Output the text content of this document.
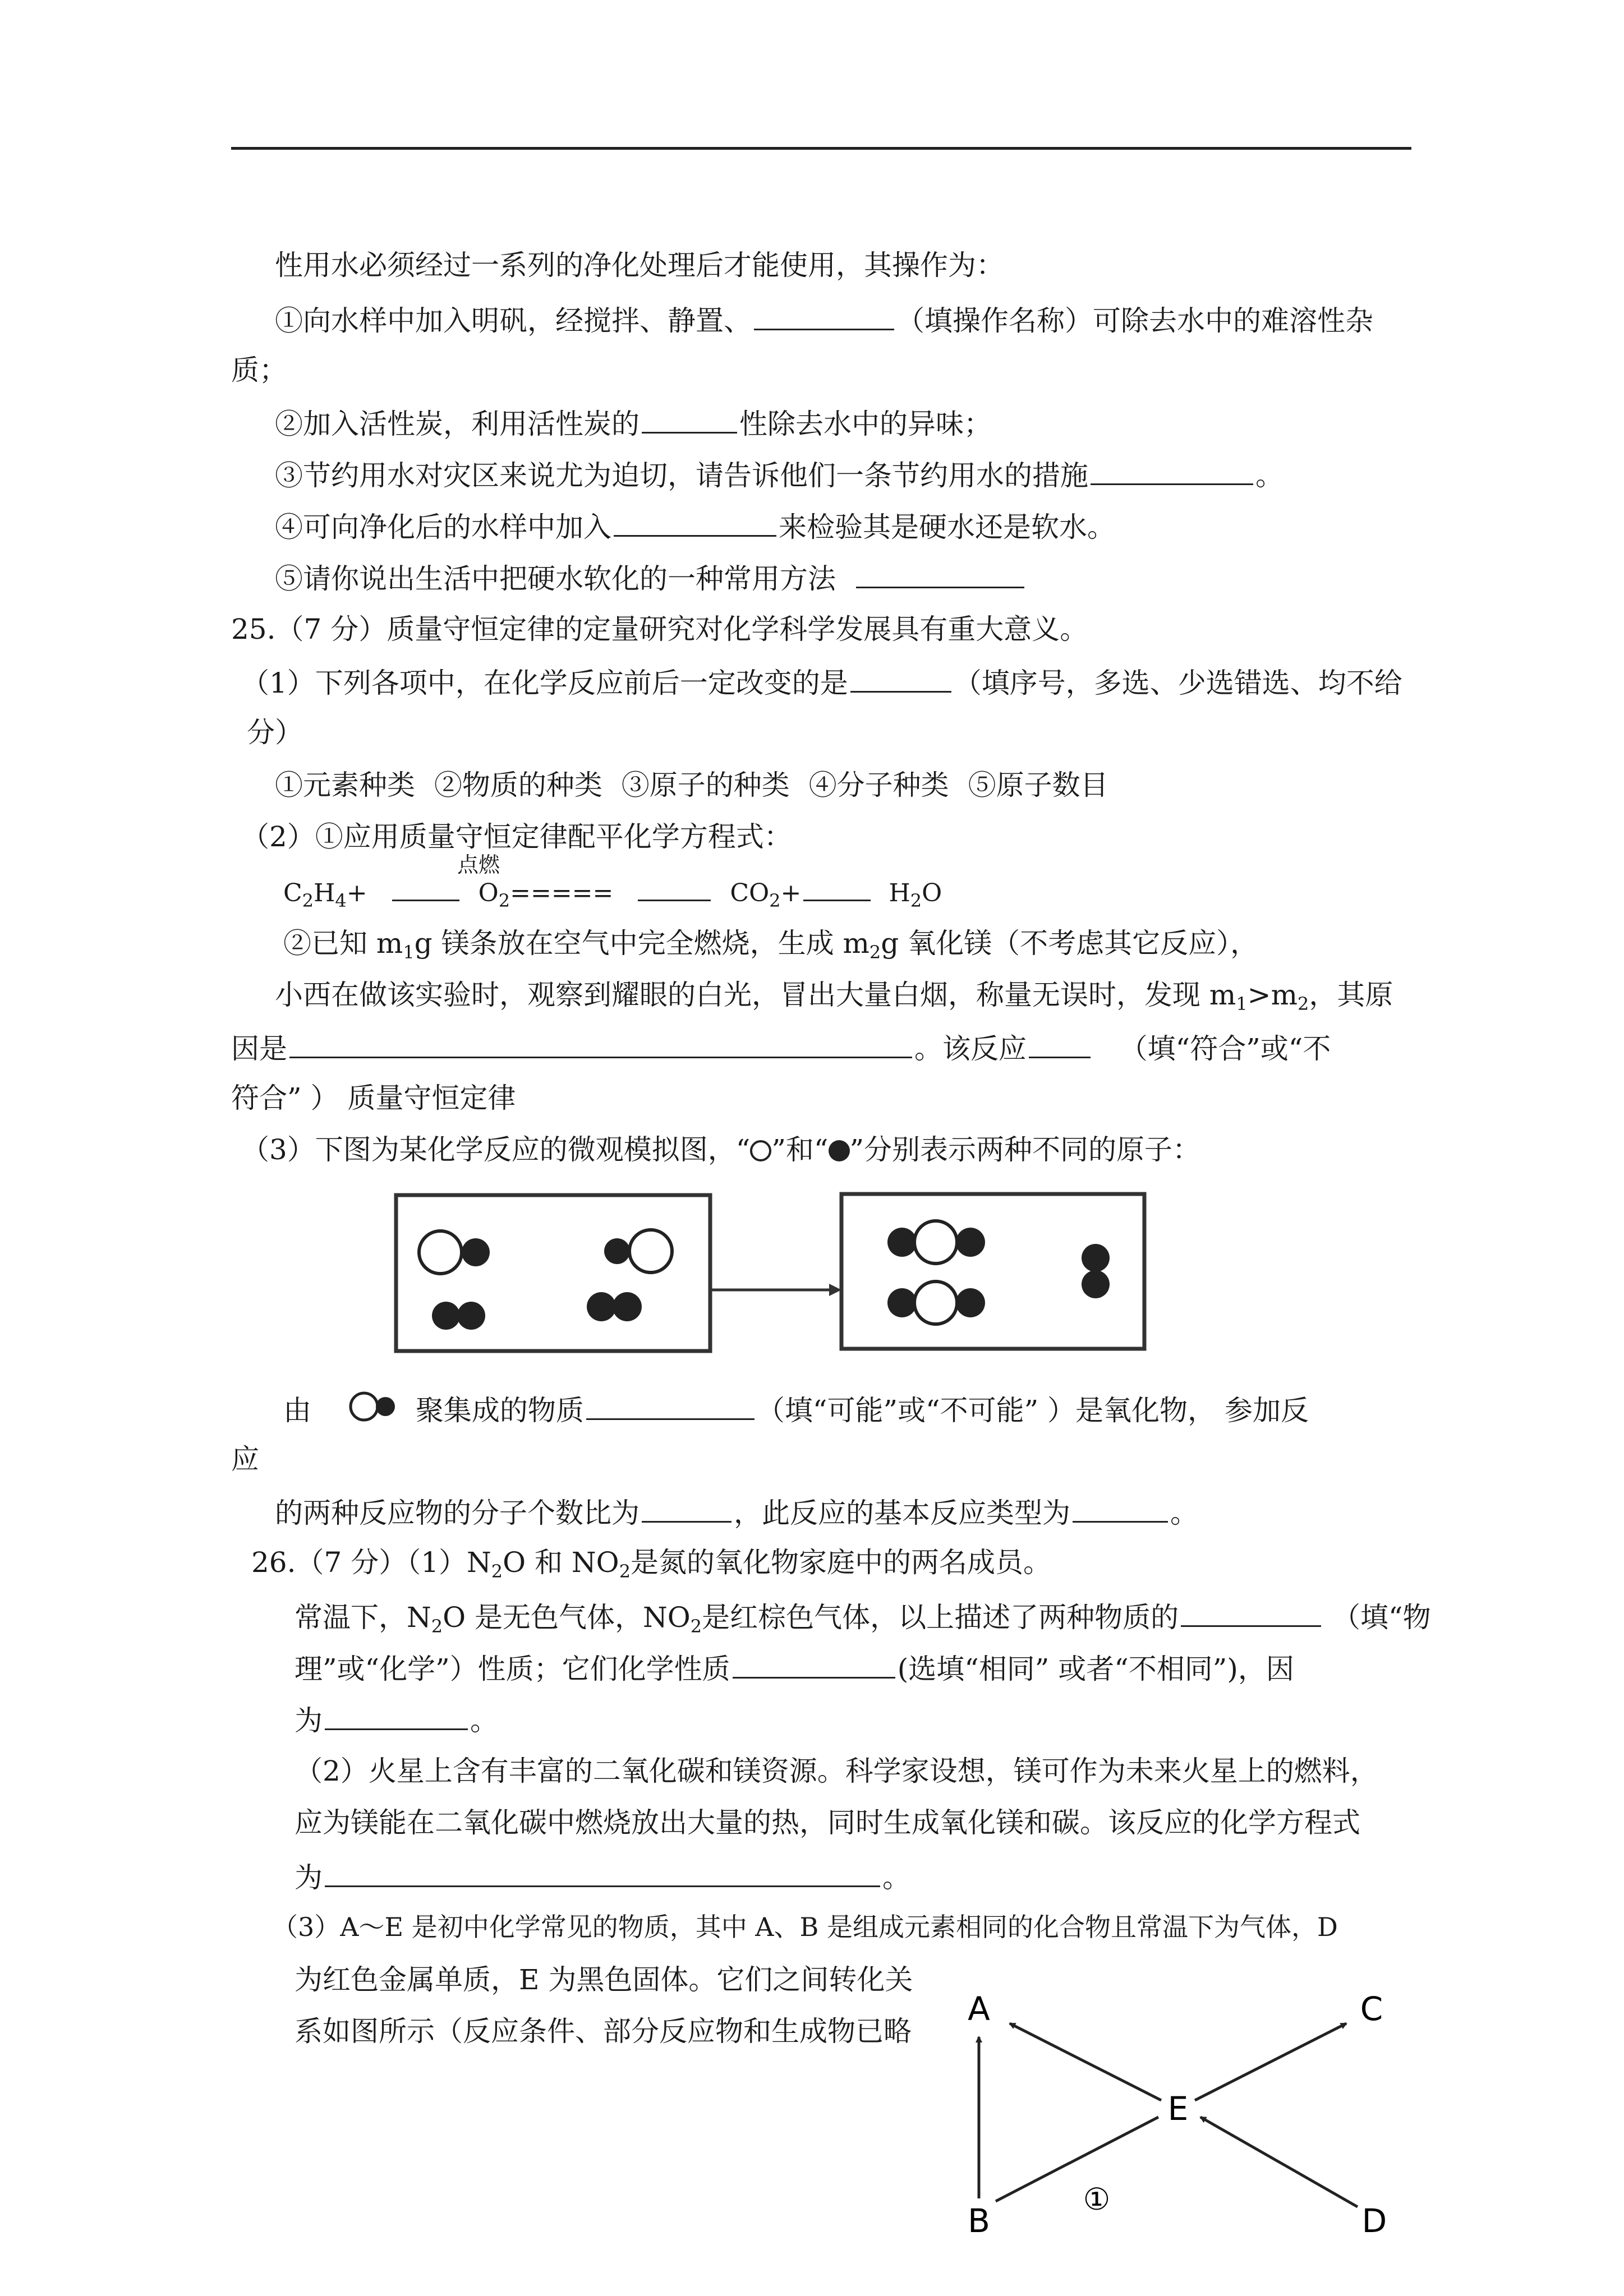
性用水必须经过一系列的净化处理后才能使用，其操作为：
①向水样中加入明矾，经搅拌、静置、	（填操作名称）可除去水中的难溶性杂
质；
②加入活性炭，利用活性炭的	性除去水中的异味；
③节约用水对灾区来说尤为迫切，请告诉他们一条节约用水的措施	。
④可向净化后的水样中加入	来检验其是硬水还是软水。
⑤请你说出生活中把硬水软化的一种常用方法
25.（7 分）质量守恒定律的定量研究对化学科学发展具有重大意义。
（1）下列各项中，在化学反应前后一定改变的是	（填序号，多选、少选错选、均不给
分）
①元素种类 ②物质的种类 ③原子的种类 ④分子种类 ⑤原子数目
（2）①应用质量守恒定律配平化学方程式：
点燃
$C_2H_4+$	$O_2=====$	$CO_2+$	$H_2O$
②已知 $m_1g$ 镁条放在空气中完全燃烧，生成 $m_2g$ 氧化镁（不考虑其它反应），
小西在做该实验时，观察到耀眼的白光，冒出大量白烟，称量无误时，发现 $m_1>m_2$，其原
因是	。该反应	（填“符合”或“不
符合” ） 质量守恒定律
（3）下图为某化学反应的微观模拟图，“ ”和“ ”分别表示两种不同的原子：
由	聚集成的物质	（填“可能”或“不可能” ）是氧化物， 参加反
应
的两种反应物的分子个数比为	，此反应的基本反应类型为	。
26.（7 分）$(1)N_2O$ 和 $NO_2$是氮的氧化物家庭中的两名成员。
常温下，$N_2O$ 是无色气体，$NO_2$是红棕色气体，以上描述了两种物质的	（填“物
理”或“化学”）性质；它们化学性质	(选填“相同” 或者“不相同”)，因
为	。
（2）火星上含有丰富的二氧化碳和镁资源。科学家设想，镁可作为未来火星上的燃料，
应为镁能在二氧化碳中燃烧放出大量的热，同时生成氧化镁和碳。该反应的化学方程式
为	。
（3）A～E 是初中化学常见的物质，其中 A、B 是组成元素相同的化合物且常温下为气体，D
为红色金属单质，E 为黑色固体。它们之间转化关
系如图所示（反应条件、部分反应物和生成物已略
A
B
C
D
E
①
